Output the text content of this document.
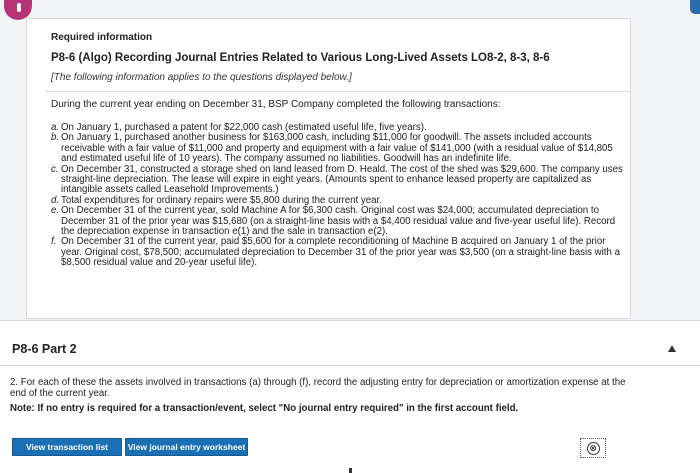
Required information
P8-6 (Algo) Recording Journal Entries Related to Various Long-Lived Assets LO8-2, 8-3, 8-6
[The following information applies to the questions displayed below.]
During the current year ending on December 31, BSP Company completed the following transactions:
a. On January 1, purchased a patent for $22,000 cash (estimated useful life, five years).
b. On January 1, purchased another business for $163,000 cash, including $11,000 for goodwill. The assets included accounts receivable with a fair value of $11,000 and property and equipment with a fair value of $141,000 (with a residual value of $14,805 and estimated useful life of 10 years). The company assumed no liabilities. Goodwill has an indefinite life.
c. On December 31, constructed a storage shed on land leased from D. Heald. The cost of the shed was $29,600. The company uses straight-line depreciation. The lease will expire in eight years. (Amounts spent to enhance leased property are capitalized as intangible assets called Leasehold Improvements.)
d. Total expenditures for ordinary repairs were $5,800 during the current year.
e. On December 31 of the current year, sold Machine A for $6,300 cash. Original cost was $24,000; accumulated depreciation to December 31 of the prior year was $15,680 (on a straight-line basis with a $4,400 residual value and five-year useful life). Record the depreciation expense in transaction e(1) and the sale in transaction e(2).
f. On December 31 of the current year, paid $5,600 for a complete reconditioning of Machine B acquired on January 1 of the prior year. Original cost, $78,500; accumulated depreciation to December 31 of the prior year was $3,500 (on a straight-line basis with a $8,500 residual value and 20-year useful life).
P8-6 Part 2
2. For each of these the assets involved in transactions (a) through (f), record the adjusting entry for depreciation or amortization expense at the end of the current year.
Note: If no entry is required for a transaction/event, select "No journal entry required" in the first account field.
View transaction list	View journal entry worksheet	⊗
